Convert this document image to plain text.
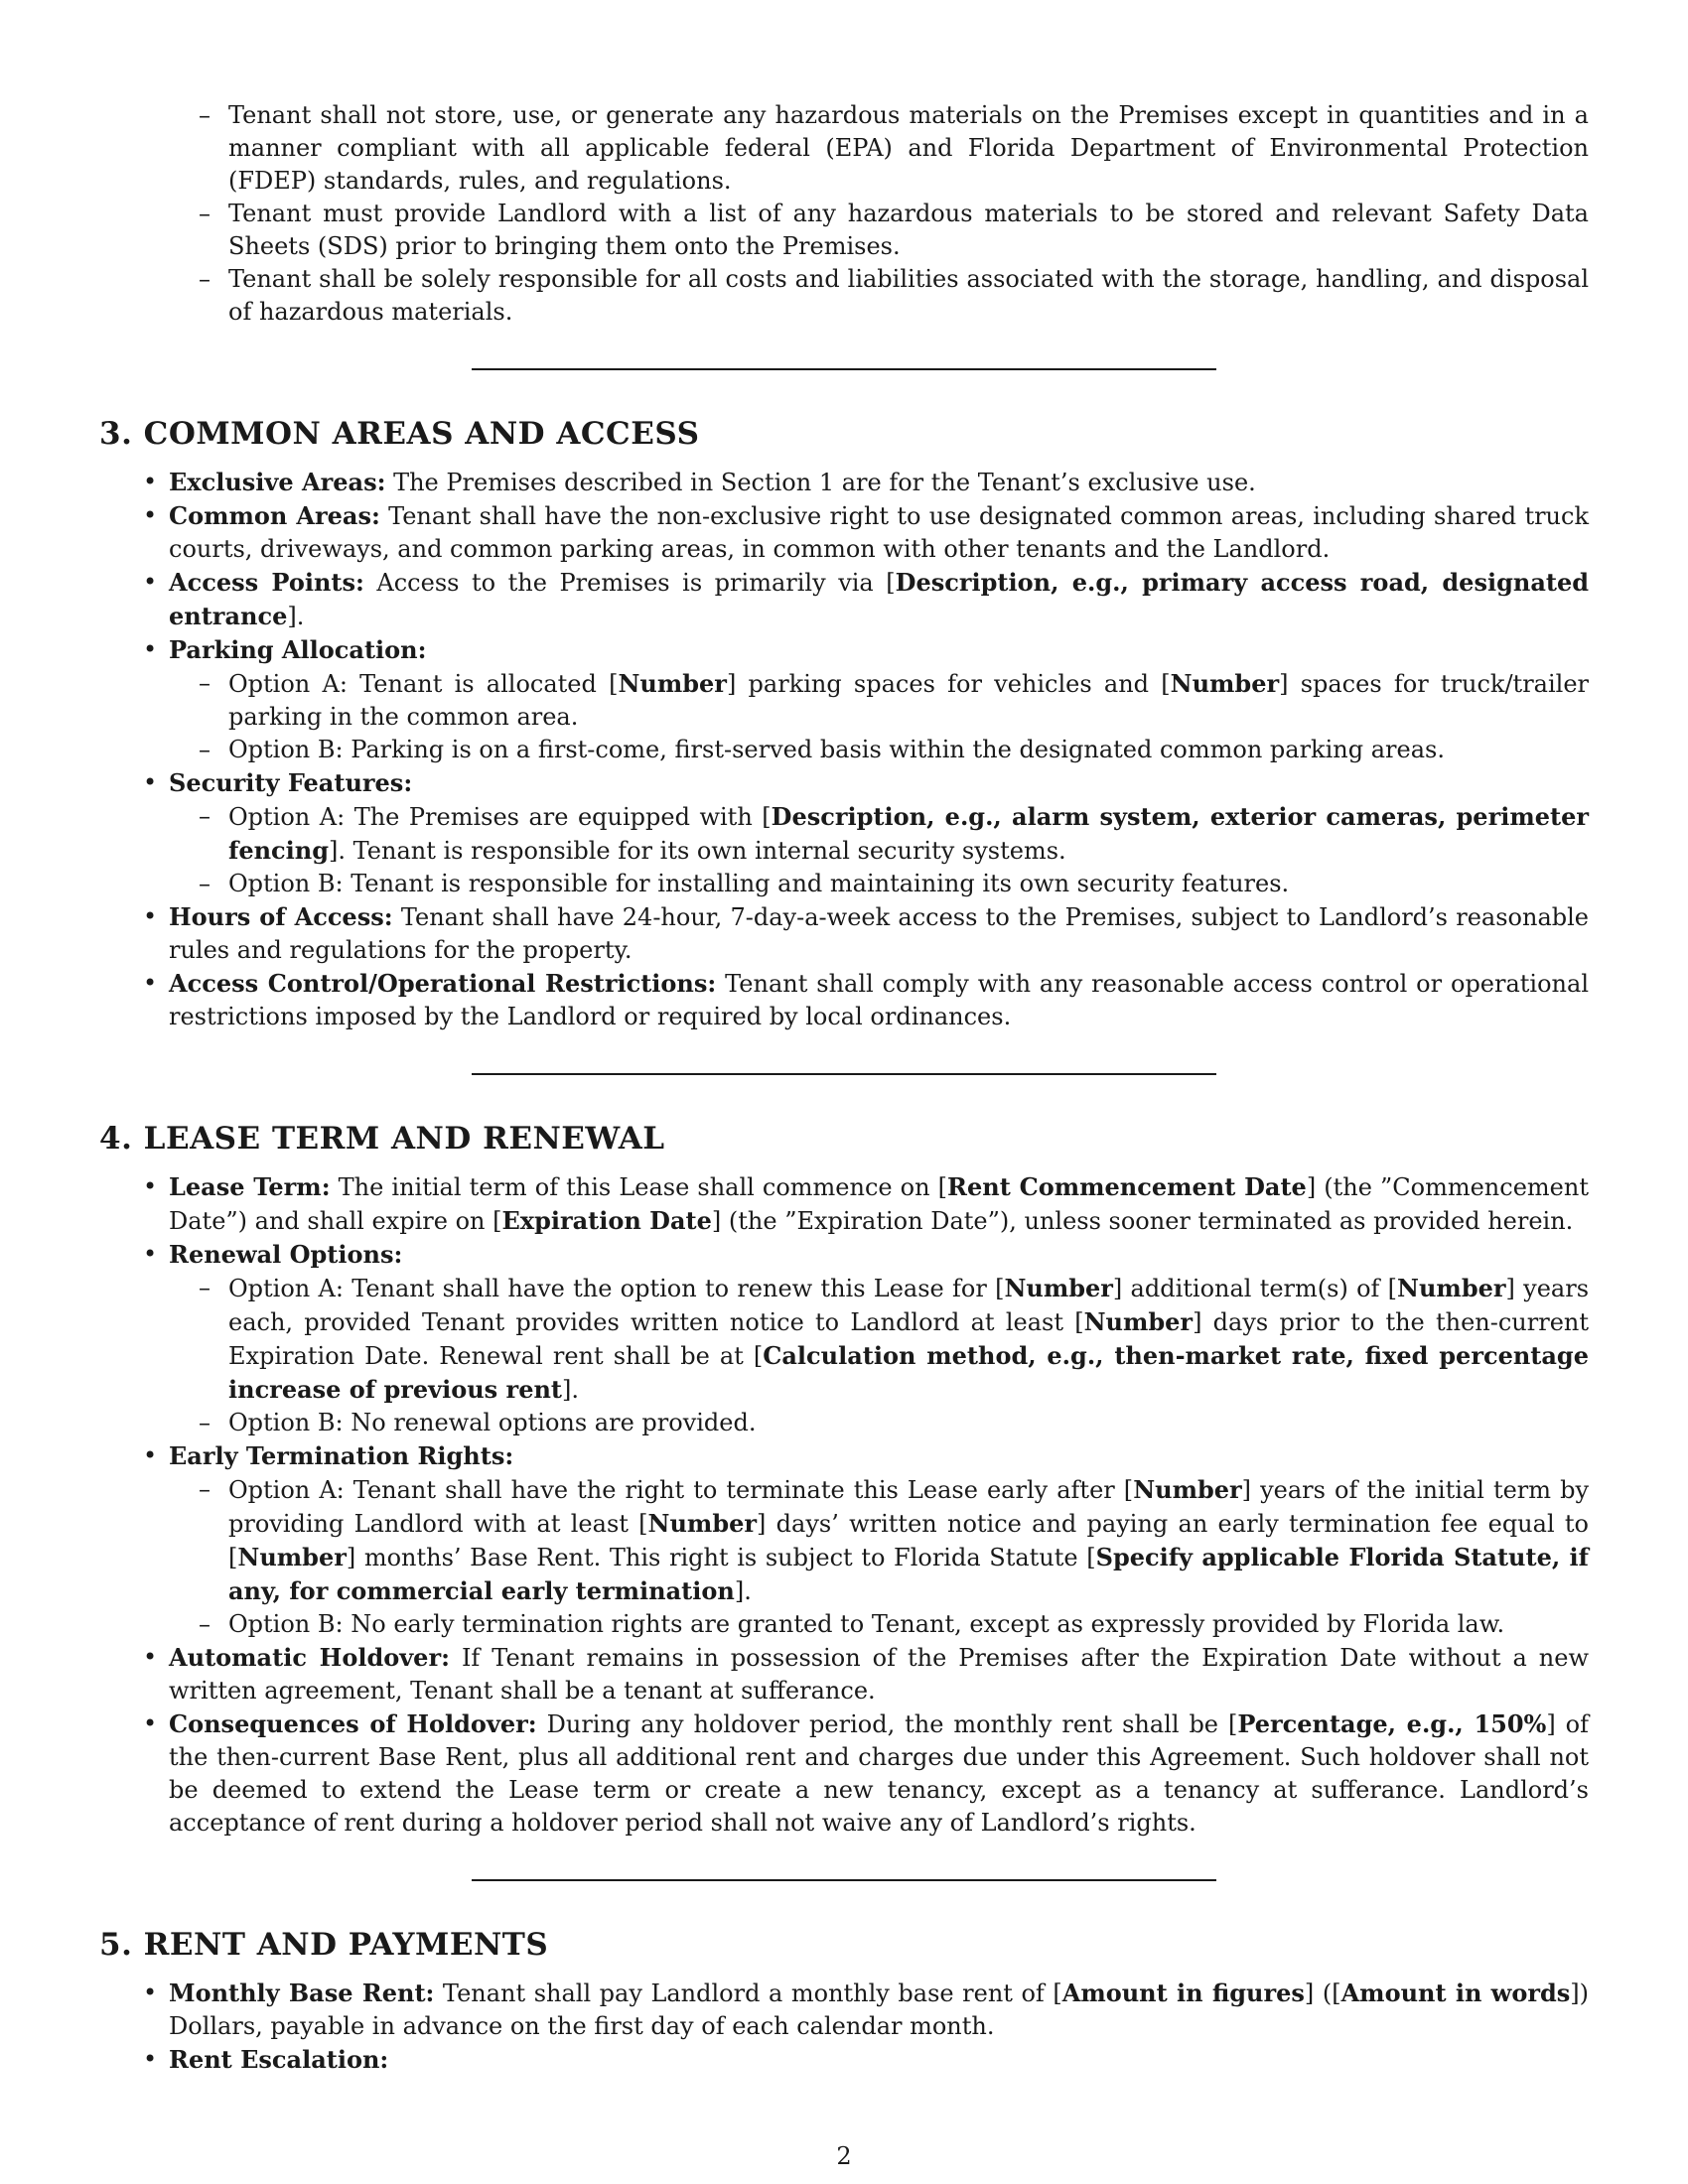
– Tenant shall not store, use, or generate any hazardous materials on the Premises except in quantities and in a manner compliant with all applicable federal (EPA) and Florida Department of Environmental Protection (FDEP) standards, rules, and regulations.
– Tenant must provide Landlord with a list of any hazardous materials to be stored and relevant Safety Data Sheets (SDS) prior to bringing them onto the Premises.
– Tenant shall be solely responsible for all costs and liabilities associated with the storage, handling, and disposal of hazardous materials.
3. COMMON AREAS AND ACCESS
• Exclusive Areas: The Premises described in Section 1 are for the Tenant’s exclusive use.
• Common Areas: Tenant shall have the non-exclusive right to use designated common areas, including shared truck courts, driveways, and common parking areas, in common with other tenants and the Landlord.
• Access Points: Access to the Premises is primarily via [Description, e.g., primary access road, designated entrance].
• Parking Allocation:
– Option A: Tenant is allocated [Number] parking spaces for vehicles and [Number] spaces for truck/trailer parking in the common area.
– Option B: Parking is on a first-come, first-served basis within the designated common parking areas.
• Security Features:
– Option A: The Premises are equipped with [Description, e.g., alarm system, exterior cameras, perimeter fencing]. Tenant is responsible for its own internal security systems.
– Option B: Tenant is responsible for installing and maintaining its own security features.
• Hours of Access: Tenant shall have 24-hour, 7-day-a-week access to the Premises, subject to Landlord’s reasonable rules and regulations for the property.
• Access Control/Operational Restrictions: Tenant shall comply with any reasonable access control or operational restrictions imposed by the Landlord or required by local ordinances.
4. LEASE TERM AND RENEWAL
• Lease Term: The initial term of this Lease shall commence on [Rent Commencement Date] (the ”Commencement Date”) and shall expire on [Expiration Date] (the ”Expiration Date”), unless sooner terminated as provided herein.
• Renewal Options:
– Option A: Tenant shall have the option to renew this Lease for [Number] additional term(s) of [Number] years each, provided Tenant provides written notice to Landlord at least [Number] days prior to the then-current Expiration Date. Renewal rent shall be at [Calculation method, e.g., then-market rate, fixed percentage increase of previous rent].
– Option B: No renewal options are provided.
• Early Termination Rights:
– Option A: Tenant shall have the right to terminate this Lease early after [Number] years of the initial term by providing Landlord with at least [Number] days’ written notice and paying an early termination fee equal to [Number] months’ Base Rent. This right is subject to Florida Statute [Specify applicable Florida Statute, if any, for commercial early termination].
– Option B: No early termination rights are granted to Tenant, except as expressly provided by Florida law.
• Automatic Holdover: If Tenant remains in possession of the Premises after the Expiration Date without a new written agreement, Tenant shall be a tenant at sufferance.
• Consequences of Holdover: During any holdover period, the monthly rent shall be [Percentage, e.g., 150%] of the then-current Base Rent, plus all additional rent and charges due under this Agreement. Such holdover shall not be deemed to extend the Lease term or create a new tenancy, except as a tenancy at sufferance. Landlord’s acceptance of rent during a holdover period shall not waive any of Landlord’s rights.
5. RENT AND PAYMENTS
• Monthly Base Rent: Tenant shall pay Landlord a monthly base rent of [Amount in figures] ([Amount in words]) Dollars, payable in advance on the first day of each calendar month.
• Rent Escalation:
2
